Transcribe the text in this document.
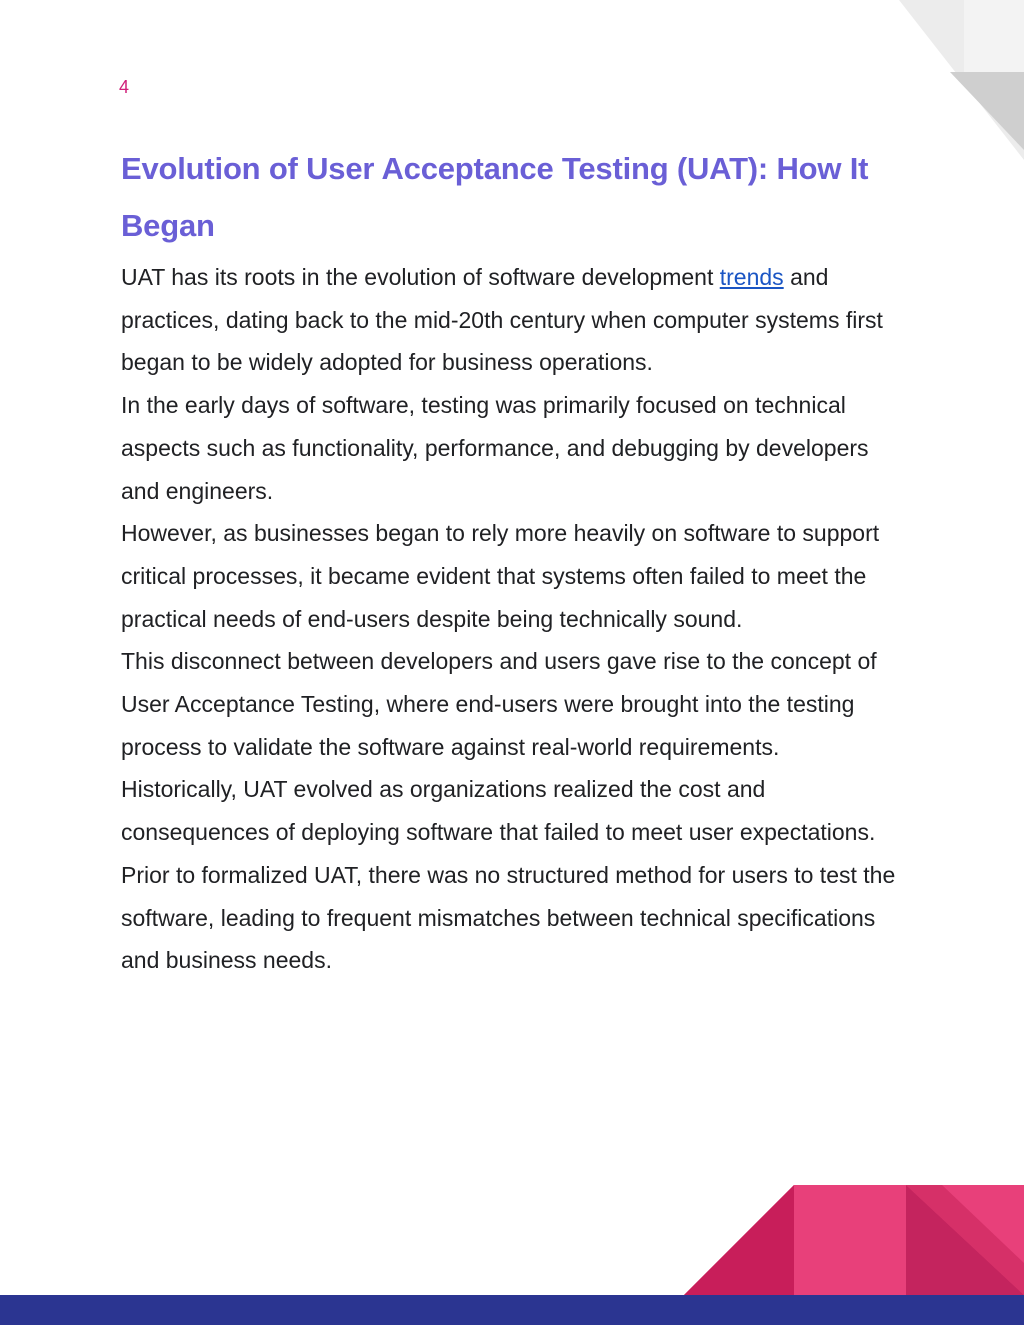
4
Evolution of User Acceptance Testing (UAT): How It Began

UAT has its roots in the evolution of software development trends and practices, dating back to the mid-20th century when computer systems first began to be widely adopted for business operations.

In the early days of software, testing was primarily focused on technical aspects such as functionality, performance, and debugging by developers and engineers.

However, as businesses began to rely more heavily on software to support critical processes, it became evident that systems often failed to meet the practical needs of end-users despite being technically sound.

This disconnect between developers and users gave rise to the concept of User Acceptance Testing, where end-users were brought into the testing process to validate the software against real-world requirements.

Historically, UAT evolved as organizations realized the cost and consequences of deploying software that failed to meet user expectations.

Prior to formalized UAT, there was no structured method for users to test the software, leading to frequent mismatches between technical specifications and business needs.
